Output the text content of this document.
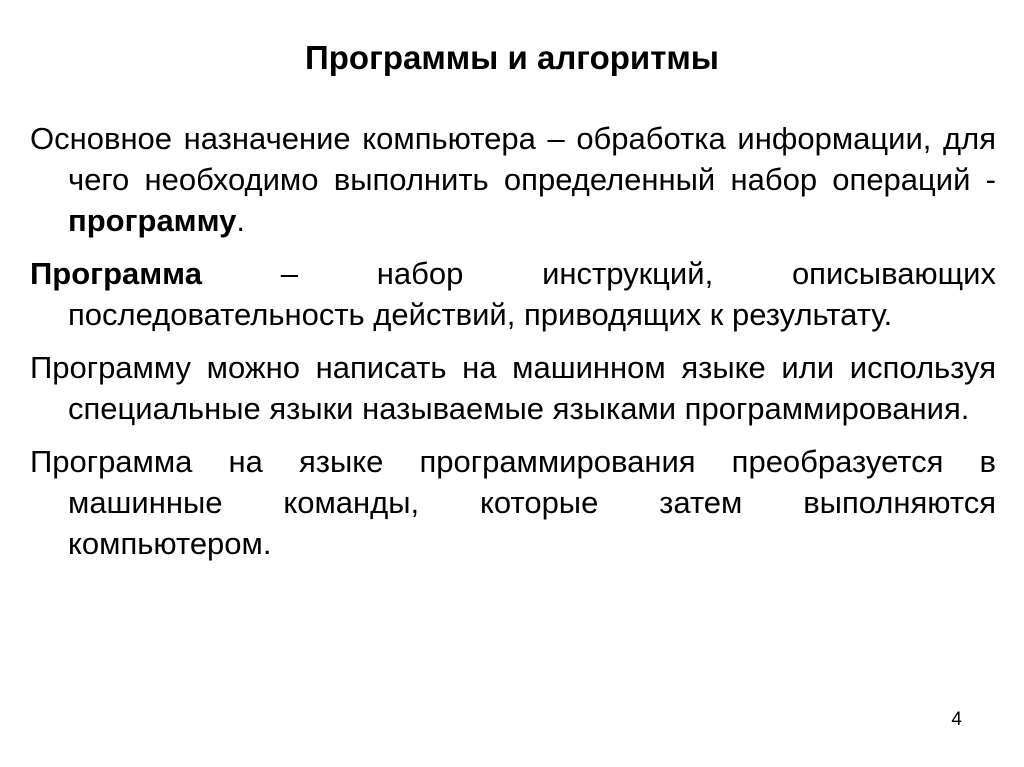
Программы и алгоритмы

Основное назначение компьютера – обработка информации, для чего необходимо выполнить определенный набор операций - программу.

Программа – набор инструкций, описывающих последовательность действий, приводящих к результату.

Программу можно написать на машинном языке или используя специальные языки называемые языками программирования.

Программа на языке программирования преобразуется в машинные команды, которые затем выполняются компьютером.

4
